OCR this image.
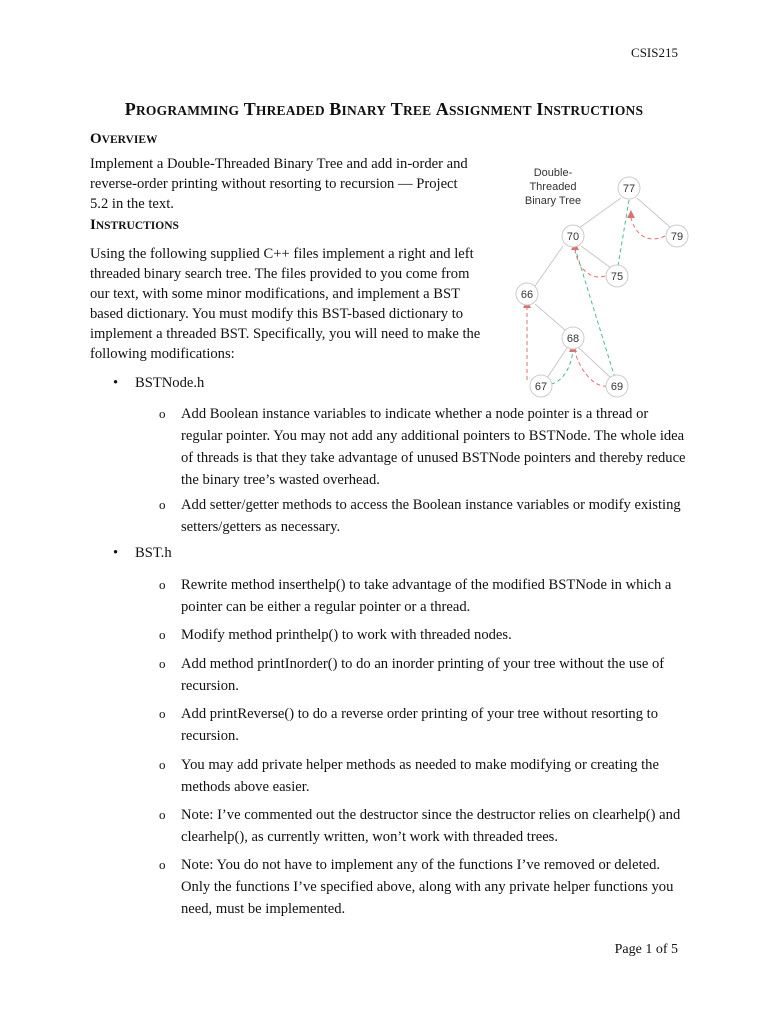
CSIS215
PROGRAMMING THREADED BINARY TREE ASSIGNMENT INSTRUCTIONS
OVERVIEW
Implement a Double-Threaded Binary Tree and add in-order and
reverse-order printing without resorting to recursion — Project
5.2 in the text.
INSTRUCTIONS
Using the following supplied C++ files implement a right and left
threaded binary search tree. The files provided to you come from
our text, with some minor modifications, and implement a BST
based dictionary. You must modify this BST-based dictionary to
implement a threaded BST. Specifically, you will need to make the
following modifications:
• BSTNode.h
o Add Boolean instance variables to indicate whether a node pointer is a thread or regular pointer. You may not add any additional pointers to BSTNode. The whole idea of threads is that they take advantage of unused BSTNode pointers and thereby reduce the binary tree’s wasted overhead.
o Add setter/getter methods to access the Boolean instance variables or modify existing setters/getters as necessary.
• BST.h
o Rewrite method inserthelp() to take advantage of the modified BSTNode in which a pointer can be either a regular pointer or a thread.
o Modify method printhelp() to work with threaded nodes.
o Add method printInorder() to do an inorder printing of your tree without the use of recursion.
o Add printReverse() to do a reverse order printing of your tree without resorting to recursion.
o You may add private helper methods as needed to make modifying or creating the methods above easier.
o Note: I’ve commented out the destructor since the destructor relies on clearhelp() and clearhelp(), as currently written, won’t work with threaded trees.
o Note: You do not have to implement any of the functions I’ve removed or deleted. Only the functions I’ve specified above, along with any private helper functions you need, must be implemented.
77
79
70
75
66
68
67	69
Double-
Threaded
Binary Tree
Page 1 of 5
